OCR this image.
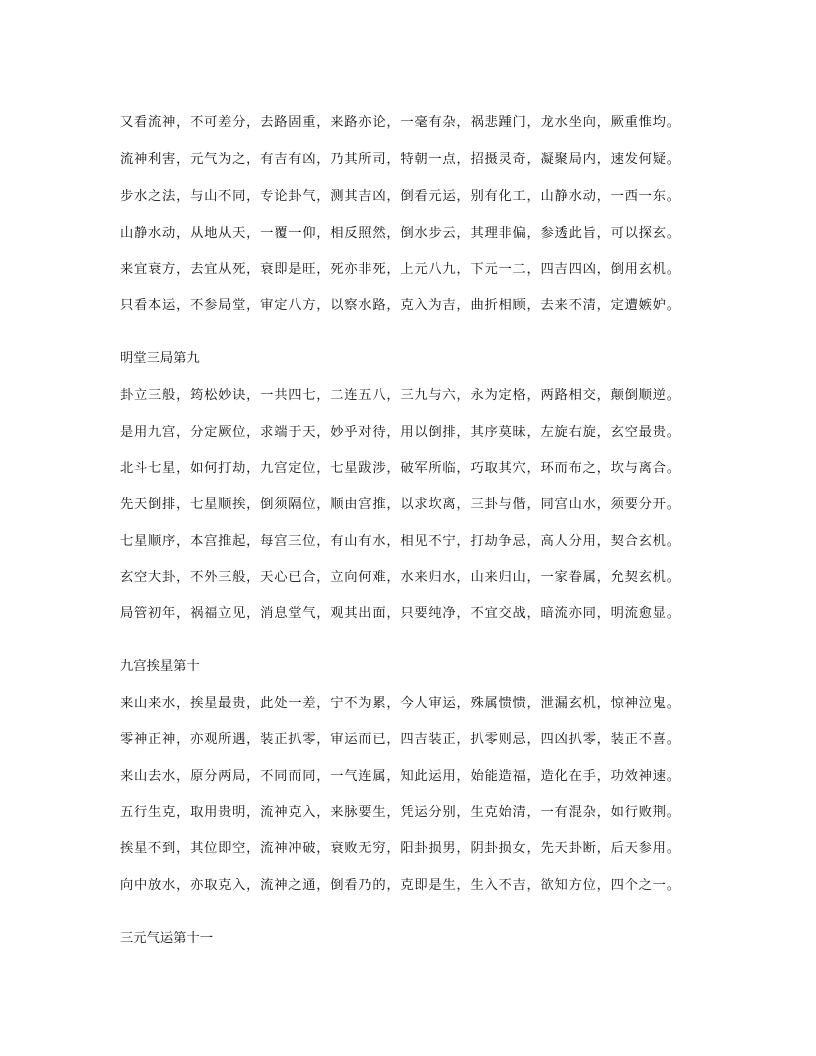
又看流神，不可差分，去路固重，来路亦论，一毫有杂，祸悲踵门，龙水坐向，厥重惟均。
流神利害，元气为之，有吉有凶，乃其所司，特朝一点，招摄灵奇，凝聚局内，速发何疑。
步水之法，与山不同，专论卦气，测其吉凶，倒看元运，别有化工，山静水动，一西一东。
山静水动，从地从天，一覆一仰，相反照然，倒水步云，其理非偏，参透此旨，可以探玄。
来宜衰方，去宜从死，衰即是旺，死亦非死，上元八九，下元一二，四吉四凶，倒用玄机。
只看本运，不参局堂，审定八方，以察水路，克入为吉，曲折相顾，去来不清，定遭嫉妒。
明堂三局第九
卦立三般，筠松妙诀，一共四七，二连五八，三九与六，永为定格，两路相交，颠倒顺逆。
是用九宫，分定厥位，求端于天，妙乎对待，用以倒排，其序莫昧，左旋右旋，玄空最贵。
北斗七星，如何打劫，九宫定位，七星跋涉，破军所临，巧取其穴，环而布之，坎与离合。
先天倒排，七星顺挨，倒须隔位，顺由宫推，以求坎离，三卦与偕，同宫山水，须要分开。
七星顺序，本宫推起，每宫三位，有山有水，相见不宁，打劫争忌，高人分用，契合玄机。
玄空大卦，不外三般，天心已合，立向何难，水来归水，山来归山，一家眷属，允契玄机。
局管初年，祸福立见，消息堂气，观其出面，只要纯净，不宜交战，暗流亦同，明流愈显。
九宫挨星第十
来山来水，挨星最贵，此处一差，宁不为累，今人审运，殊属愦愦，泄漏玄机，惊神泣鬼。
零神正神，亦观所遇，装正扒零，审运而已，四吉装正，扒零则忌，四凶扒零，装正不喜。
来山去水，原分两局，不同而同，一气连属，知此运用，始能造福，造化在手，功效神速。
五行生克，取用贵明，流神克入，来脉要生，凭运分别，生克始清，一有混杂，如行败荆。
挨星不到，其位即空，流神冲破，衰败无穷，阳卦损男，阴卦损女，先天卦断，后天参用。
向中放水，亦取克入，流神之通，倒看乃的，克即是生，生入不吉，欲知方位，四个之一。
三元气运第十一
